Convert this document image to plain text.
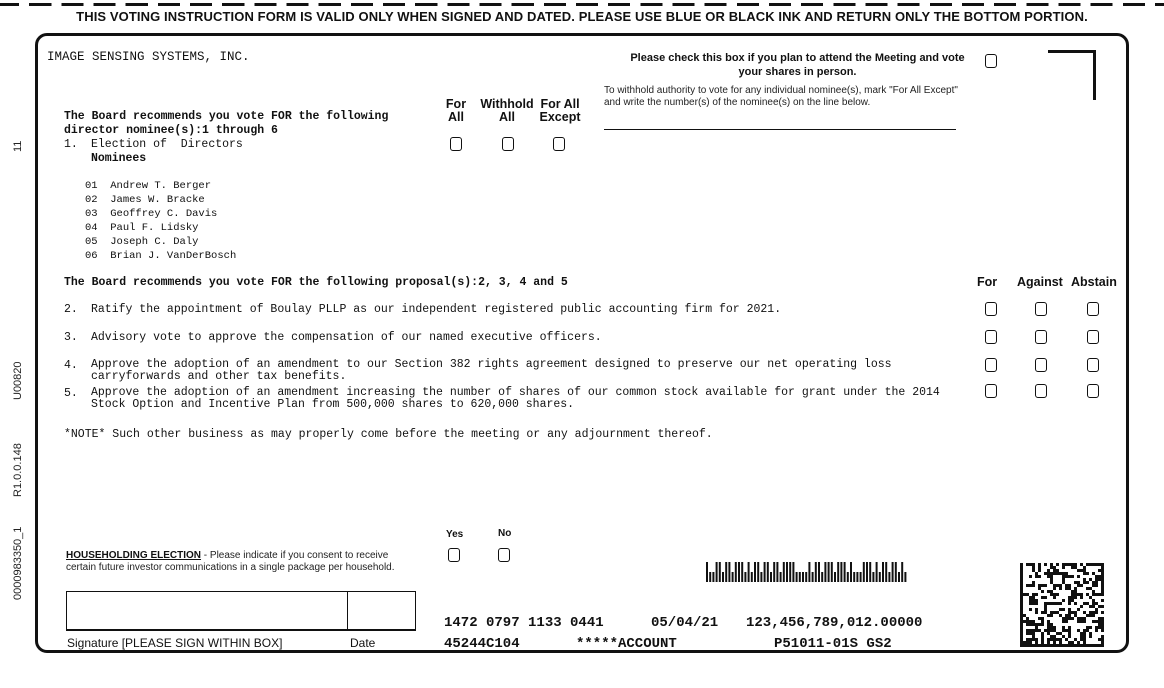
THIS VOTING INSTRUCTION FORM IS VALID ONLY WHEN SIGNED AND DATED. PLEASE USE BLUE OR BLACK INK AND RETURN ONLY THE BOTTOM PORTION.
11
U00820
R1.0.0.148
0000983350_1
IMAGE SENSING SYSTEMS, INC.	Please check this box if you plan to attend the Meeting and vote your shares in person.
To withhold authority to vote for any individual nominee(s), mark "For All Except" and write the number(s) of the nominee(s) on the line below.
For All
Withhold All
For All Except
The Board recommends you vote FOR the following director nominee(s):1 through 6
1. Election of  Directors
Nominees
01 Andrew T. Berger
02 James W. Bracke
03 Geoffrey C. Davis
04 Paul F. Lidsky
05 Joseph C. Daly
06 Brian J. VanDerBosch
The Board recommends you vote FOR the following proposal(s):2, 3, 4 and 5	For Against Abstain
2. Ratify the appointment of Boulay PLLP as our independent registered public accounting firm for 2021.
3. Advisory vote to approve the compensation of our named executive officers.
4. Approve the adoption of an amendment to our Section 382 rights agreement designed to preserve our net operating loss
carryforwards and other tax benefits.
5. Approve the adoption of an amendment increasing the number of shares of our common stock available for grant under the 2014
Stock Option and Incentive Plan from 500,000 shares to 620,000 shares.
*NOTE* Such other business as may properly come before the meeting or any adjournment thereof.
HOUSEHOLDING ELECTION - Please indicate if you consent to receive certain future investor communications in a single package per household.
Yes	No
Signature [PLEASE SIGN WITHIN BOX]	Date
1472 0797 1133 0441	05/04/21 123,456,789,012.00000
45244C104	*****ACCOUNT	P51011-01S GS2
